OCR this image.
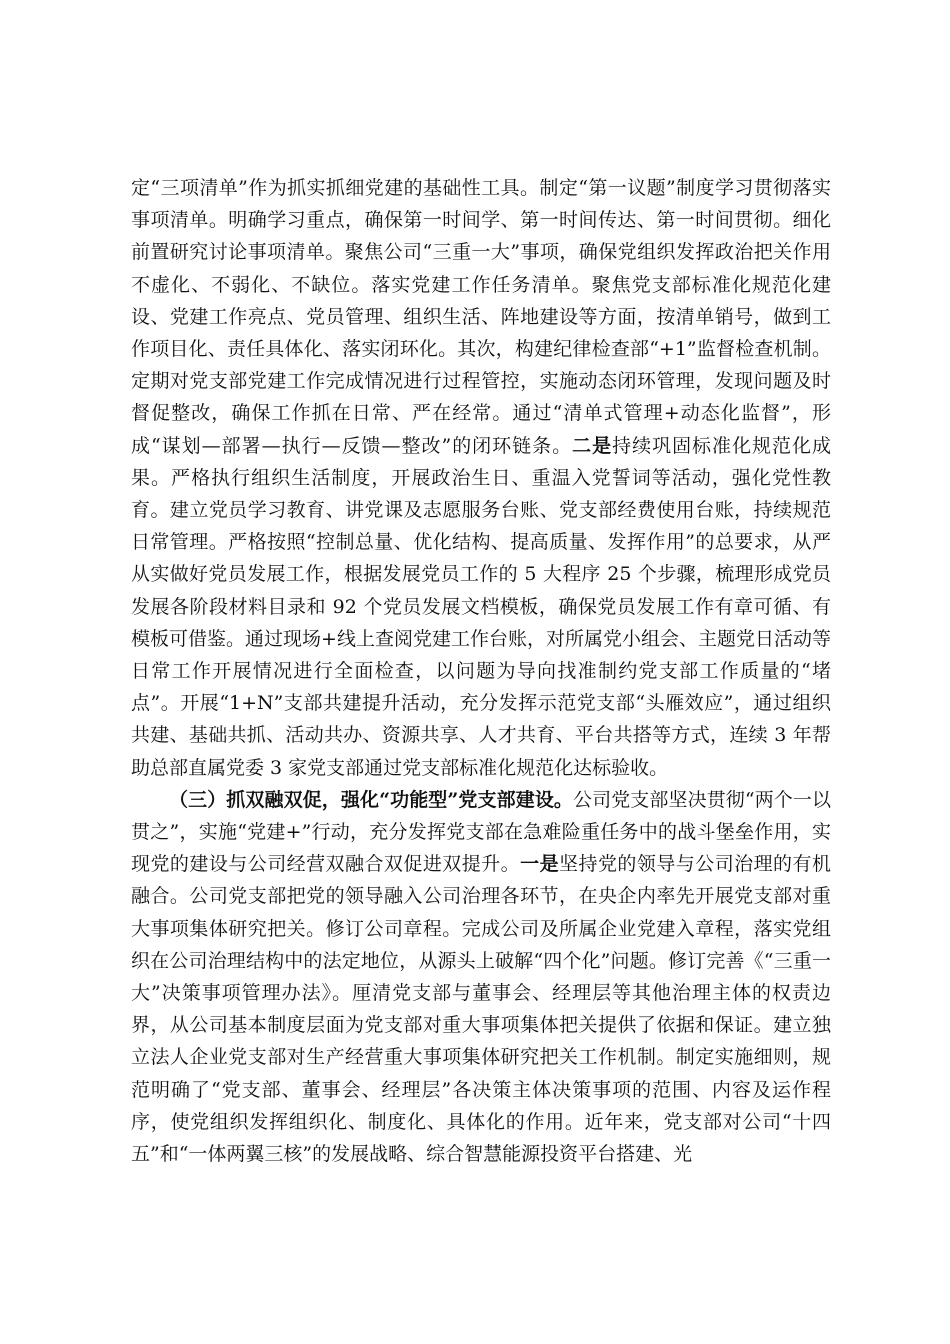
定“三项清单”作为抓实抓细党建的基础性工具。制定“第一议题”制度学习贯彻落实事项清单。明确学习重点，确保第一时间学、第一时间传达、第一时间贯彻。细化前置研究讨论事项清单。聚焦公司“三重一大”事项，确保党组织发挥政治把关作用不虚化、不弱化、不缺位。落实党建工作任务清单。聚焦党支部标准化规范化建设、党建工作亮点、党员管理、组织生活、阵地建设等方面，按清单销号，做到工作项目化、责任具体化、落实闭环化。其次，构建纪律检查部“+1”监督检查机制。定期对党支部党建工作完成情况进行过程管控，实施动态闭环管理，发现问题及时督促整改，确保工作抓在日常、严在经常。通过“清单式管理+动态化监督”，形成“谋划—部署—执行—反馈—整改”的闭环链条。二是持续巩固标准化规范化成果。严格执行组织生活制度，开展政治生日、重温入党誓词等活动，强化党性教育。建立党员学习教育、讲党课及志愿服务台账、党支部经费使用台账，持续规范日常管理。严格按照“控制总量、优化结构、提高质量、发挥作用”的总要求，从严从实做好党员发展工作，根据发展党员工作的 5 大程序 25 个步骤，梳理形成党员发展各阶段材料目录和 92 个党员发展文档模板，确保党员发展工作有章可循、有模板可借鉴。通过现场+线上查阅党建工作台账，对所属党小组会、主题党日活动等日常工作开展情况进行全面检查，以问题为导向找准制约党支部工作质量的“堵点”。开展“1+N”支部共建提升活动，充分发挥示范党支部“头雁效应”，通过组织共建、基础共抓、活动共办、资源共享、人才共育、平台共搭等方式，连续 3 年帮助总部直属党委 3 家党支部通过党支部标准化规范化达标验收。

（三）抓双融双促，强化“功能型”党支部建设。公司党支部坚决贯彻“两个一以贯之”，实施“党建+”行动，充分发挥党支部在急难险重任务中的战斗堡垒作用，实现党的建设与公司经营双融合双促进双提升。一是坚持党的领导与公司治理的有机融合。公司党支部把党的领导融入公司治理各环节，在央企内率先开展党支部对重大事项集体研究把关。修订公司章程。完成公司及所属企业党建入章程，落实党组织在公司治理结构中的法定地位，从源头上破解“四个化”问题。修订完善《“三重一大”决策事项管理办法》。厘清党支部与董事会、经理层等其他治理主体的权责边界，从公司基本制度层面为党支部对重大事项集体把关提供了依据和保证。建立独立法人企业党支部对生产经营重大事项集体研究把关工作机制。制定实施细则，规范明确了“党支部、董事会、经理层”各决策主体决策事项的范围、内容及运作程序，使党组织发挥组织化、制度化、具体化的作用。近年来，党支部对公司“十四五”和“一体两翼三核”的发展战略、综合智慧能源投资平台搭建、光
